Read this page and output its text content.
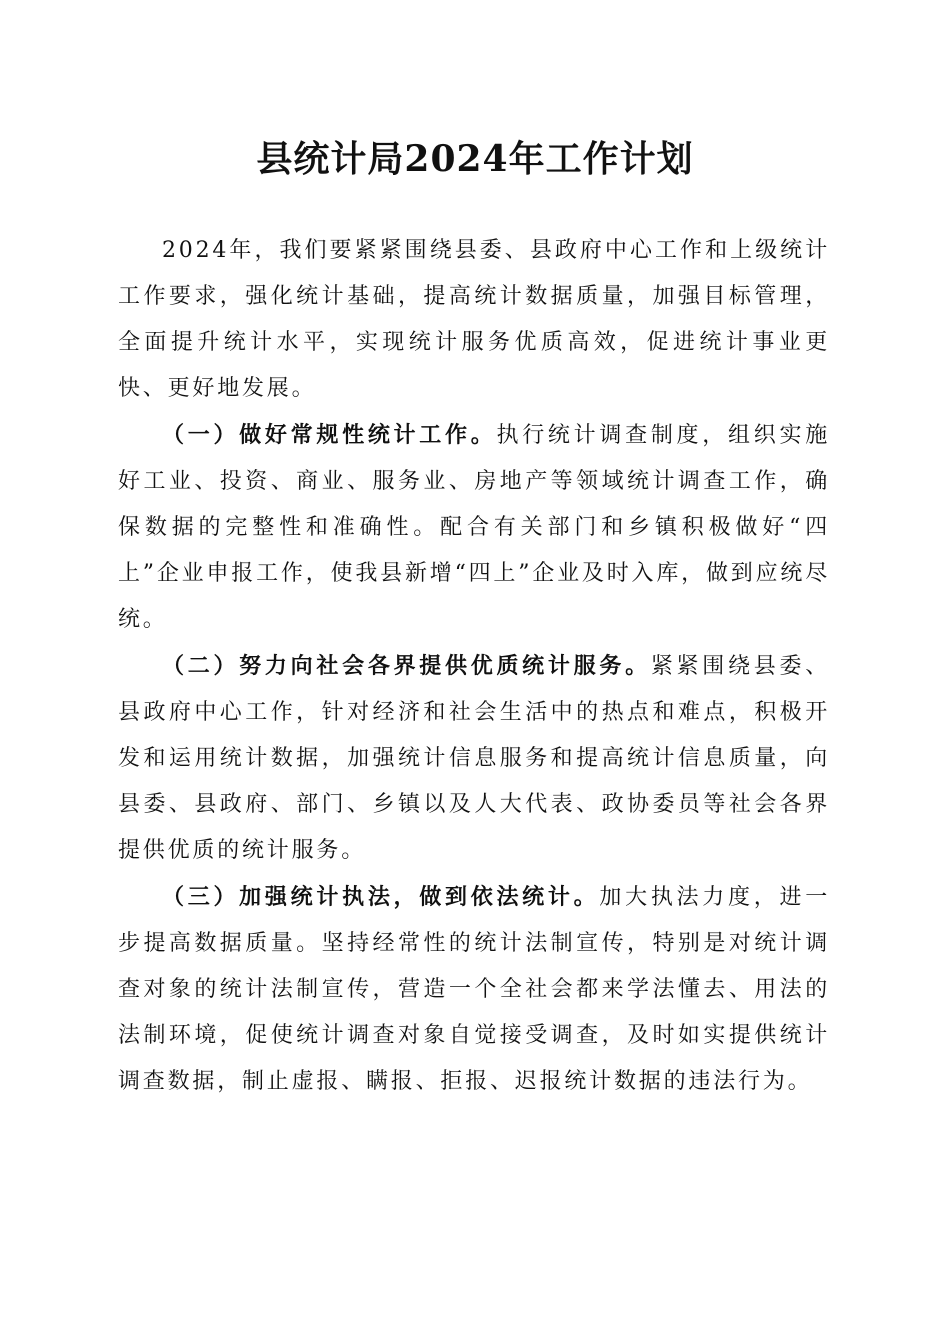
县统计局2024年工作计划

2024年，我们要紧紧围绕县委、县政府中心工作和上级统计工作要求，强化统计基础，提高统计数据质量，加强目标管理，全面提升统计水平，实现统计服务优质高效，促进统计事业更快、更好地发展。

（一）做好常规性统计工作。执行统计调查制度，组织实施好工业、投资、商业、服务业、房地产等领域统计调查工作，确保数据的完整性和准确性。配合有关部门和乡镇积极做好“四上”企业申报工作，使我县新增“四上”企业及时入库，做到应统尽统。

（二）努力向社会各界提供优质统计服务。紧紧围绕县委、县政府中心工作，针对经济和社会生活中的热点和难点，积极开发和运用统计数据，加强统计信息服务和提高统计信息质量，向县委、县政府、部门、乡镇以及人大代表、政协委员等社会各界提供优质的统计服务。

（三）加强统计执法，做到依法统计。加大执法力度，进一步提高数据质量。坚持经常性的统计法制宣传，特别是对统计调查对象的统计法制宣传，营造一个全社会都来学法懂去、用法的法制环境，促使统计调查对象自觉接受调查，及时如实提供统计调查数据，制止虚报、瞒报、拒报、迟报统计数据的违法行为。
